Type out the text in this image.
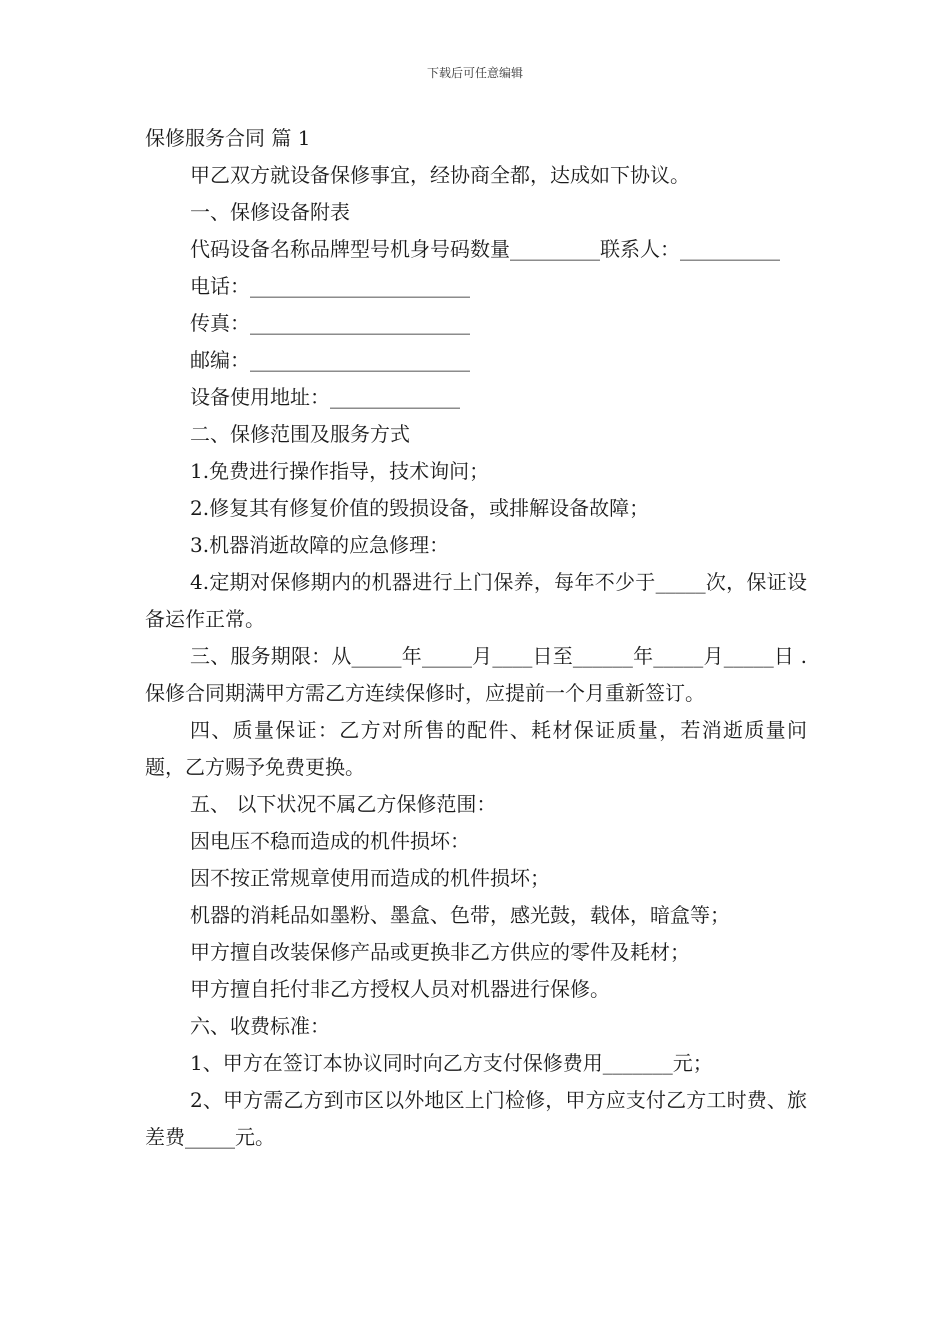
下载后可任意编辑

保修服务合同 篇 1

甲乙双方就设备保修事宜，经协商全都，达成如下协议。

一、保修设备附表

代码设备名称品牌型号机身号码数量_________联系人：__________

电话：______________________

传真：______________________

邮编：______________________

设备使用地址：_____________

二、保修范围及服务方式

1.免费进行操作指导，技术询问；

2.修复其有修复价值的毁损设备，或排解设备故障；

3.机器消逝故障的应急修理：

4.定期对保修期内的机器进行上门保养，每年不少于_____次，保证设备运作正常。

三、服务期限：从_____年_____月____日至______年_____月_____日 .保修合同期满甲方需乙方连续保修时，应提前一个月重新签订。

四、质量保证：乙方对所售的配件、耗材保证质量，若消逝质量问题，乙方赐予免费更换。

五、 以下状况不属乙方保修范围：

因电压不稳而造成的机件损坏：

因不按正常规章使用而造成的机件损坏；

机器的消耗品如墨粉、墨盒、色带，感光鼓，载体，暗盒等；

甲方擅自改装保修产品或更换非乙方供应的零件及耗材；

甲方擅自托付非乙方授权人员对机器进行保修。

六、收费标准：

1、甲方在签订本协议同时向乙方支付保修费用_______元；

2、甲方需乙方到市区以外地区上门检修，甲方应支付乙方工时费、旅差费_____元。
